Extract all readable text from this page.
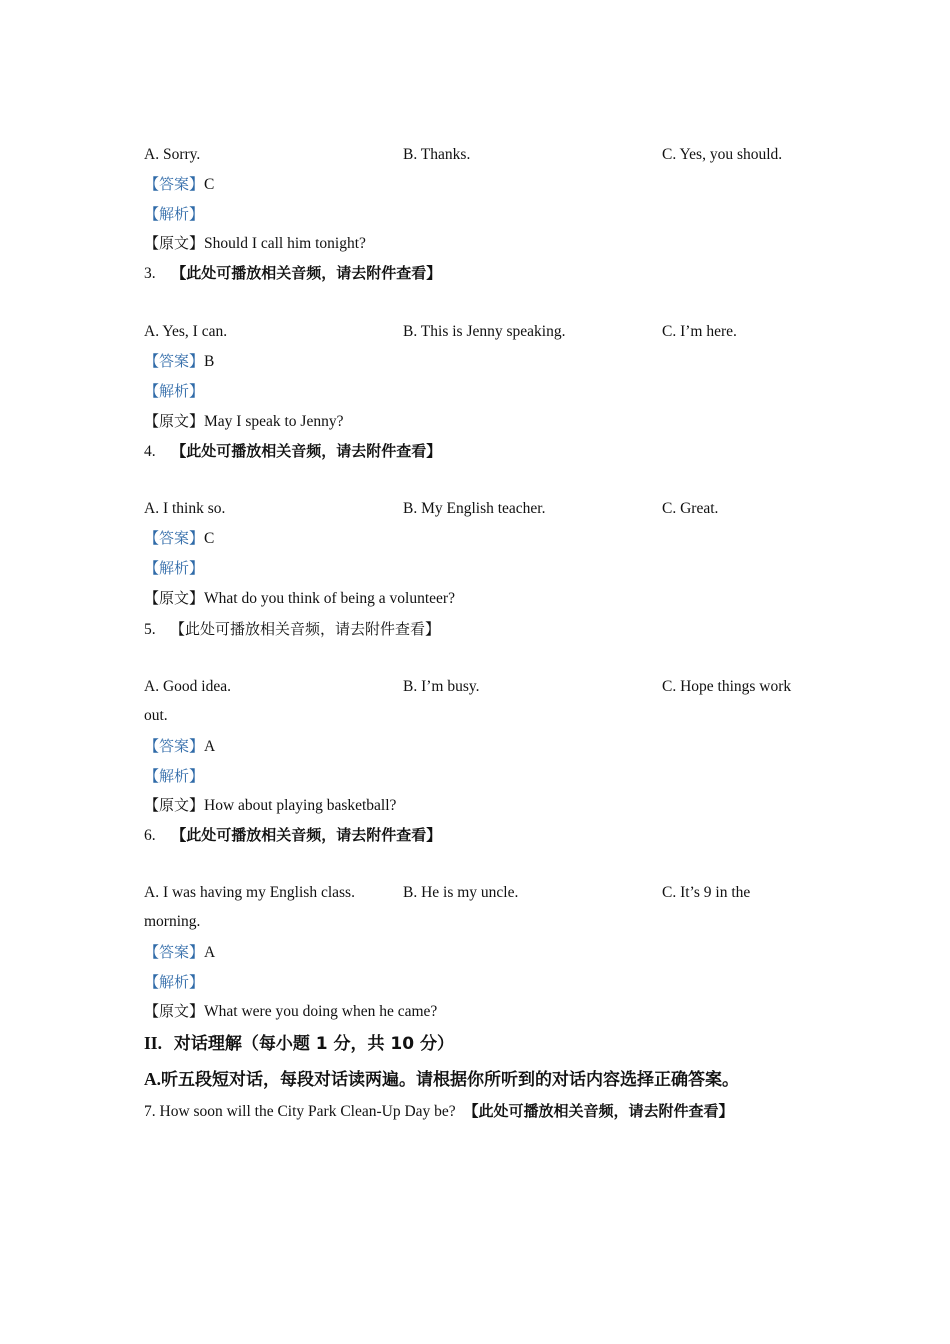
A. Sorry.	B. Thanks.	C. Yes, you should.
【答案】C
【解析】
【原文】Should I call him tonight?
3. 【此处可播放相关音频，请去附件查看】
A. Yes, I can.	B. This is Jenny speaking.	C. I’m here.
【答案】B
【解析】
【原文】May I speak to Jenny?
4. 【此处可播放相关音频，请去附件查看】
A. I think so.	B. My English teacher.	C. Great.
【答案】C
【解析】
【原文】What do you think of being a volunteer?
5. 【此处可播放相关音频，请去附件查看】
A. Good idea.	B. I’m busy.	C. Hope things work
out.
【答案】A
【解析】
【原文】How about playing basketball?
6. 【此处可播放相关音频，请去附件查看】
A. I was having my English class.	B. He is my uncle.	C. It’s 9 in the
morning.
【答案】A
【解析】
【原文】What were you doing when he came?
II. 对话理解（每小题 1 分，共 10 分）
A.听五段短对话，每段对话读两遍。请根据你所听到的对话内容选择正确答案。
7. How soon will the City Park Clean-Up Day be? 【此处可播放相关音频，请去附件查看】
